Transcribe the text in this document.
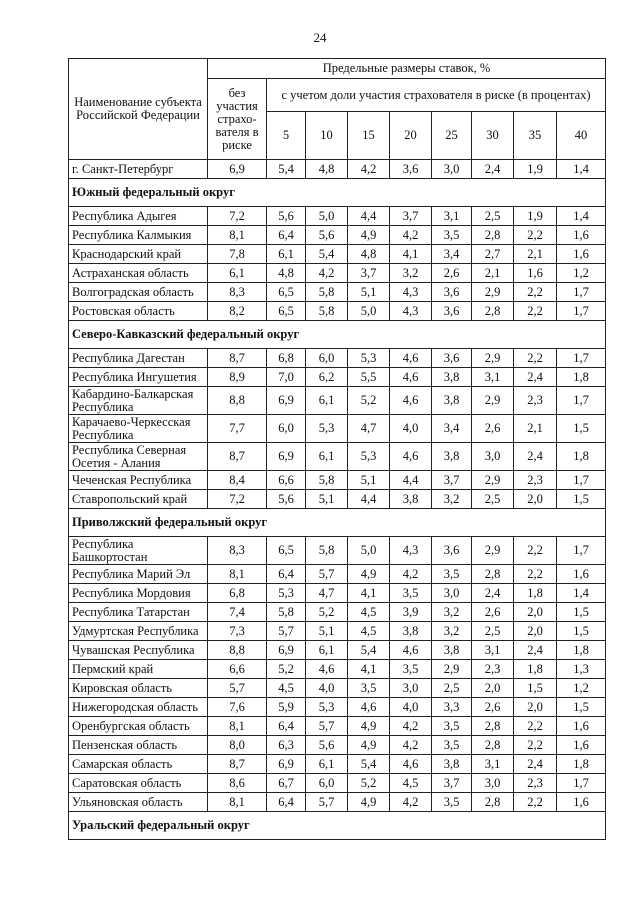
24
Наименование субъекта Российской Федерации	Предельные размеры ставок, %								
	без участия страхо-вателя в риске	с учетом доли участия страхователя в риске (в процентах)							
		5	10	15	20	25	30	35	40
г. Санкт-Петербург	6,9	5,4	4,8	4,2	3,6	3,0	2,4	1,9	1,4
Южный федеральный округ									
Республика Адыгея	7,2	5,6	5,0	4,4	3,7	3,1	2,5	1,9	1,4
Республика Калмыкия	8,1	6,4	5,6	4,9	4,2	3,5	2,8	2,2	1,6
Краснодарский край	7,8	6,1	5,4	4,8	4,1	3,4	2,7	2,1	1,6
Астраханская область	6,1	4,8	4,2	3,7	3,2	2,6	2,1	1,6	1,2
Волгоградская область	8,3	6,5	5,8	5,1	4,3	3,6	2,9	2,2	1,7
Ростовская область	8,2	6,5	5,8	5,0	4,3	3,6	2,8	2,2	1,7
Северо-Кавказский федеральный округ									
Республика Дагестан	8,7	6,8	6,0	5,3	4,6	3,6	2,9	2,2	1,7
Республика Ингушетия	8,9	7,0	6,2	5,5	4,6	3,8	3,1	2,4	1,8
Кабардино-Балкарская Республика	8,8	6,9	6,1	5,2	4,6	3,8	2,9	2,3	1,7
Карачаево-Черкесская Республика	7,7	6,0	5,3	4,7	4,0	3,4	2,6	2,1	1,5
Республика Северная Осетия - Алания	8,7	6,9	6,1	5,3	4,6	3,8	3,0	2,4	1,8
Чеченская Республика	8,4	6,6	5,8	5,1	4,4	3,7	2,9	2,3	1,7
Ставропольский край	7,2	5,6	5,1	4,4	3,8	3,2	2,5	2,0	1,5
Приволжский федеральный округ									
Республика Башкортостан	8,3	6,5	5,8	5,0	4,3	3,6	2,9	2,2	1,7
Республика Марий Эл	8,1	6,4	5,7	4,9	4,2	3,5	2,8	2,2	1,6
Республика Мордовия	6,8	5,3	4,7	4,1	3,5	3,0	2,4	1,8	1,4
Республика Татарстан	7,4	5,8	5,2	4,5	3,9	3,2	2,6	2,0	1,5
Удмуртская Республика	7,3	5,7	5,1	4,5	3,8	3,2	2,5	2,0	1,5
Чувашская Республика	8,8	6,9	6,1	5,4	4,6	3,8	3,1	2,4	1,8
Пермский край	6,6	5,2	4,6	4,1	3,5	2,9	2,3	1,8	1,3
Кировская область	5,7	4,5	4,0	3,5	3,0	2,5	2,0	1,5	1,2
Нижегородская область	7,6	5,9	5,3	4,6	4,0	3,3	2,6	2,0	1,5
Оренбургская область	8,1	6,4	5,7	4,9	4,2	3,5	2,8	2,2	1,6
Пензенская область	8,0	6,3	5,6	4,9	4,2	3,5	2,8	2,2	1,6
Самарская область	8,7	6,9	6,1	5,4	4,6	3,8	3,1	2,4	1,8
Саратовская область	8,6	6,7	6,0	5,2	4,5	3,7	3,0	2,3	1,7
Ульяновская область	8,1	6,4	5,7	4,9	4,2	3,5	2,8	2,2	1,6
Уральский федеральный округ									
